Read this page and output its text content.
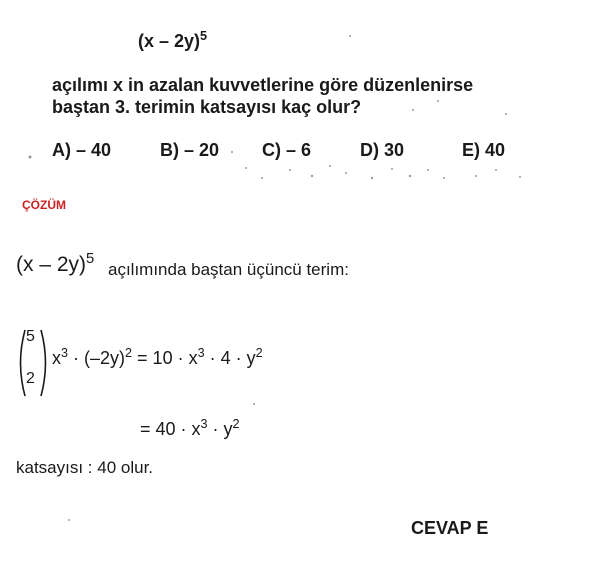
(x – 2y)$^5$
açılımı x in azalan kuvvetlerine göre düzenlenirse
baştan 3. terimin katsayısı kaç olur?
A) – 40	B) – 20 C) – 6	D) 30	E) 40
ÇÖZÜM
(x – 2y)$^5$
açılımında baştan üçüncü terim:
5
2
$x^3 \cdot (-2y)^2 = 10 \cdot x^3 \cdot 4 \cdot y^2$
= $40 \cdot x^3 \cdot y^2$
katsayısı : 40 olur.
CEVAP E
